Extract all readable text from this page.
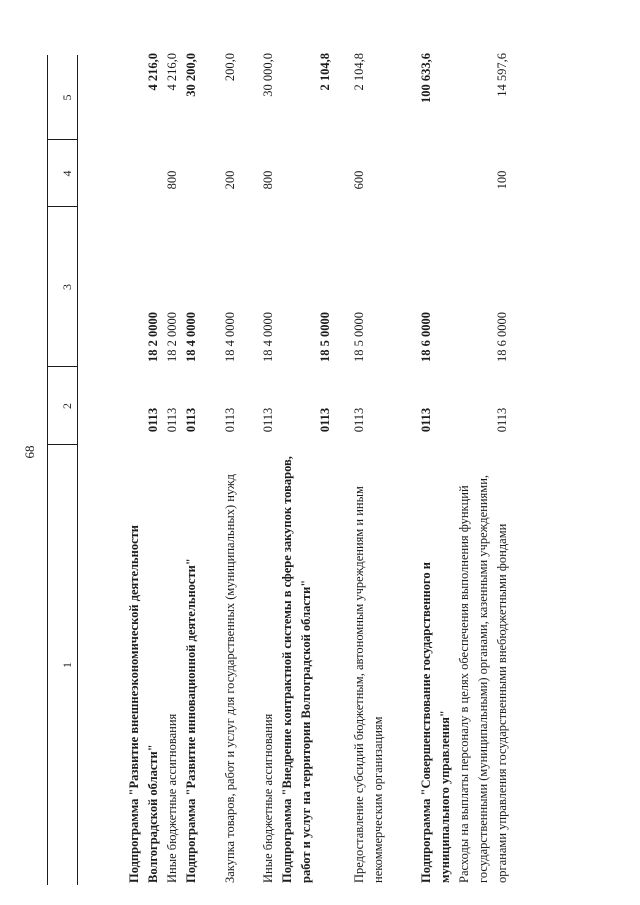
68
1
2
3
4
5
Подпрограмма "Развитие внешнеэкономической деятельности Волгоградской области"
0113
18 2 0000
4 216,0
Иные бюджетные ассигнования
0113
18 2 0000
800
4 216,0
Подпрограмма "Развитие инновационной деятельности"
0113
18 4 0000
30 200,0
Закупка товаров, работ и услуг для государственных (муниципальных) нужд
0113
18 4 0000
200
200,0
Иные бюджетные ассигнования
0113
18 4 0000
800
30 000,0
Подпрограмма "Внедрение контрактной системы в сфере закупок товаров, работ и услуг на территории Волгоградской области"
0113
18 5 0000
2 104,8
Предоставление субсидий бюджетным, автономным учреждениям и иным некоммерческим организациям
0113
18 5 0000
600
2 104,8
Подпрограмма "Совершенствование государственного и муниципального управления"
0113
18 6 0000
100 633,6
Расходы на выплаты персоналу в целях обеспечения выполнения функций государственными (муниципальными) органами, казенными учреждениями, органами управления государственными внебюджетными фондами
0113
18 6 0000
100
14 597,6
